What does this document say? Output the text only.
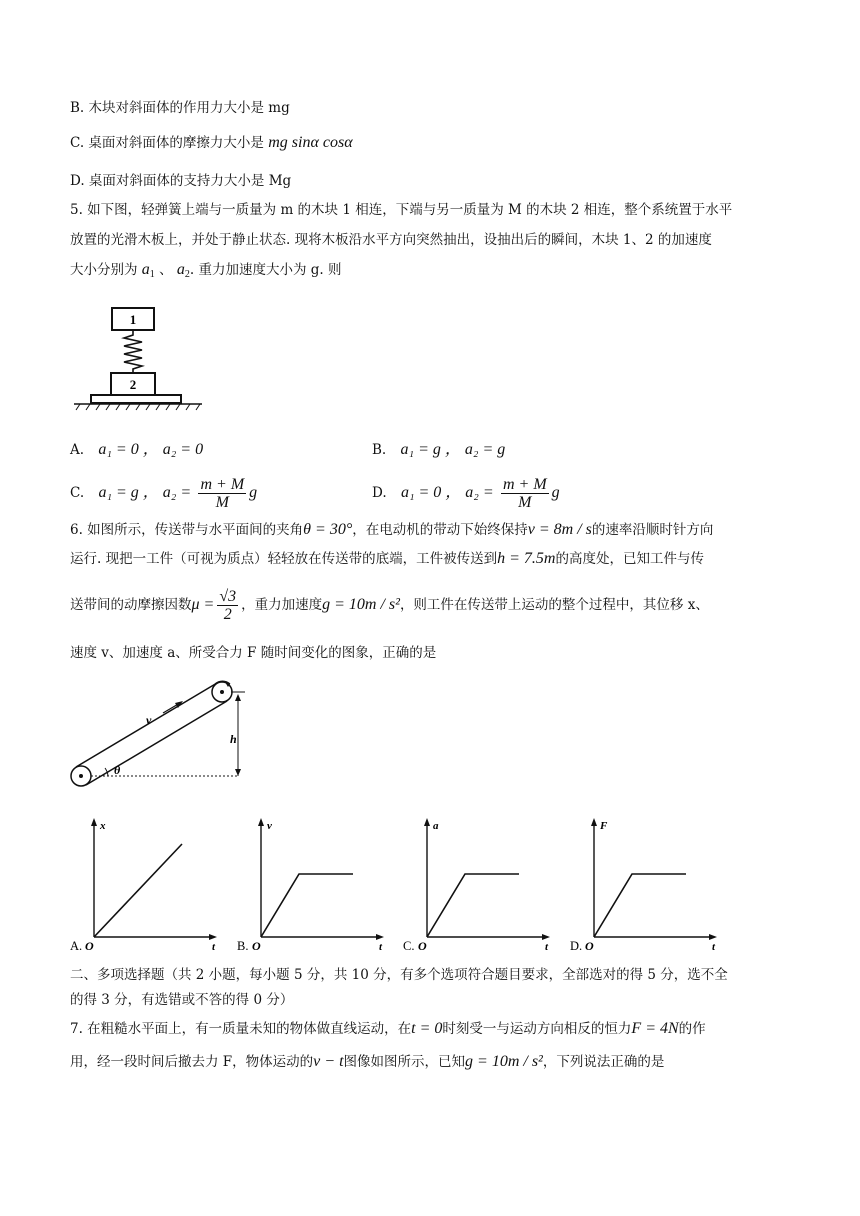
B. 木块对斜面体的作用力大小是 mg
C. 桌面对斜面体的摩擦力大小是 mg sinα cosα
D. 桌面对斜面体的支持力大小是 Mg
5. 如下图，轻弹簧上端与一质量为 m 的木块 1 相连，下端与另一质量为 M 的木块 2 相连，整个系统置于水平
放置的光滑木板上，并处于静止状态. 现将木板沿水平方向突然抽出，设抽出后的瞬间，木块 1、2 的加速度
大小分别为 $a_1$ 、 $a_2$. 重力加速度大小为 g. 则
1
2
A. a₁ = 0 ， a₂ = 0	B. a₁ = g ， a₂ = g
C. a₁ = g ， $a_2 = \frac{m + M}{M}$ g	D. a₁ = 0 ， $a_2 = \frac{m + M}{M}$ g
6. 如图所示，传送带与水平面间的夹角θ = 30°，在电动机的带动下始终保持v = 8m / s的速率沿顺时针方向
运行. 现把一工件（可视为质点）轻轻放在传送带的底端，工件被传送到h = 7.5m的高度处，已知工件与传
送带间的动摩擦因数$\mu = \frac{√3}{2}$ ，重力加速度g = 10m / s²，则工件在传送带上运动的整个过程中，其位移 x、
速度 v、加速度 a、所受合力 F 随时间变化的图象，正确的是
v
θ
h
x
t
O
A.
v
t
O
B.
a
t
O
C.
F
t
O
D.
二、多项选择题（共 2 小题，每小题 5 分，共 10 分，有多个选项符合题目要求，全部选对的得 5 分，选不全
的得 3 分，有选错或不答的得 0 分）
7. 在粗糙水平面上，有一质量未知的物体做直线运动，在t = 0时刻受一与运动方向相反的恒力F = 4N的作
用，经一段时间后撤去力 F，物体运动的v − t图像如图所示，已知g = 10m / s²，下列说法正确的是
